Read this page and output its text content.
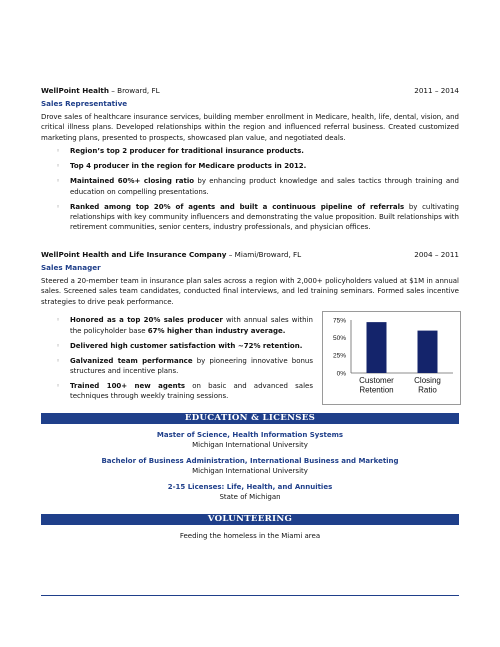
WellPoint Health – Broward, FL	2011 – 2014
Sales Representative
Drove sales of healthcare insurance services, building member enrollment in Medicare, health, life, dental, vision, and critical illness plans. Developed relationships within the region and influenced referral business. Created customized marketing plans, presented to prospects, showcased plan value, and negotiated deals.
◦ Region’s top 2 producer for traditional insurance products.
◦ Top 4 producer in the region for Medicare products in 2012.
◦ Maintained 60%+ closing ratio by enhancing product knowledge and sales tactics through training and education on compelling presentations.
◦ Ranked among top 20% of agents and built a continuous pipeline of referrals by cultivating relationships with key community influencers and demonstrating the value proposition. Built relationships with retirement communities, senior centers, industry professionals, and physician offices.
WellPoint Health and Life Insurance Company – Miami/Broward, FL	2004 – 2011
Sales Manager
Steered a 20-member team in insurance plan sales across a region with 2,000+ policyholders valued at $1M in annual sales. Screened sales team candidates, conducted final interviews, and led training seminars. Formed sales incentive strategies to drive peak performance.
◦ Honored as a top 20% sales producer with annual sales within the policyholder base 67% higher than industry average.
◦ Delivered high customer satisfaction with ~72% retention.
◦ Galvanized team performance by pioneering innovative bonus structures and incentive plans.
◦ Trained 100+ new agents on basic and advanced sales techniques through weekly training sessions.
0%
25%
50%
75%
Customer Retention
Closing Ratio
EDUCATION & LICENSES
Master of Science, Health Information Systems
Michigan International University
Bachelor of Business Administration, International Business and Marketing
Michigan International University
2-15 Licenses: Life, Health, and Annuities
State of Michigan
VOLUNTEERING
Feeding the homeless in the Miami area
